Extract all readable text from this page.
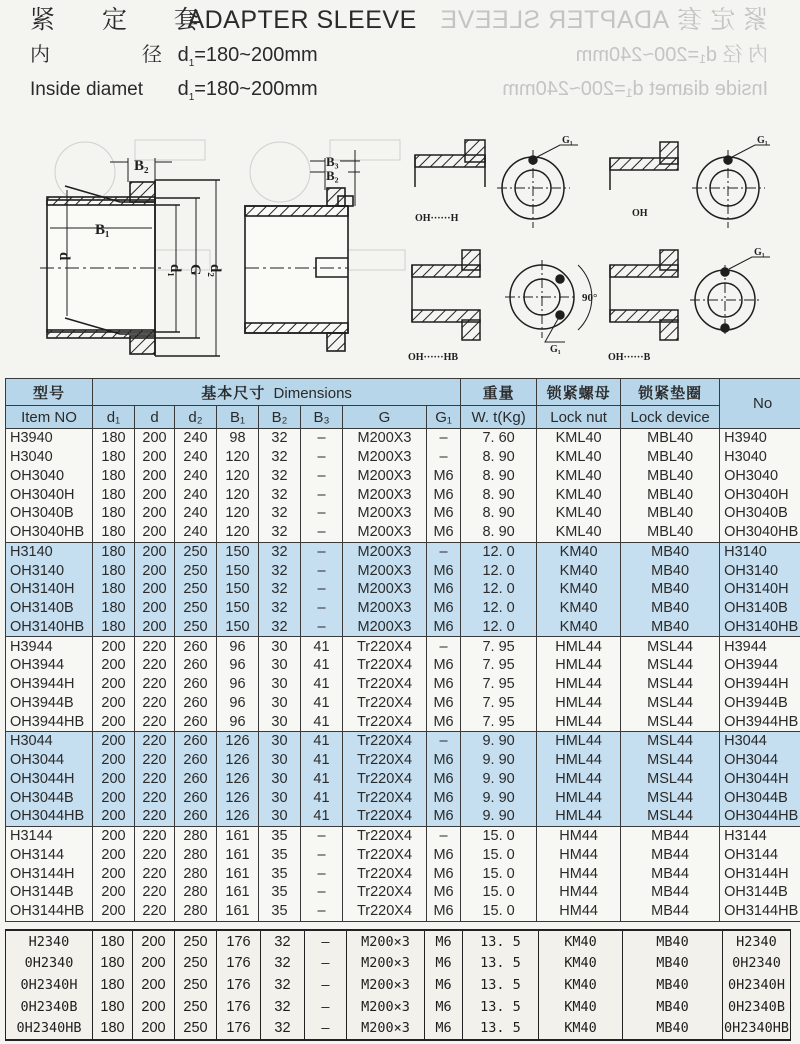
紧 定 套 ADAPTER SLEEVE
内	径 $d_1=180\sim 200mm$
Inside diamet $d_1=180\sim 200mm$
紧 定 套 ADAPTER SLEEVE
内 径 d₁=200~240mm
Inside diamet d₁=200~240mm
B₂
B₁
d
d₁ G d₂
B₃
B₂
G₁	G₁
G₁
G₁
90°
OH······H	OH
OH······HB	OH······B
型号	基本尺寸 Dimensions								重量	锁紧螺母	锁紧垫圈	No
Item NO	d₁	d	d₂	B₁	B₂	B₃	G	G₁	W. t(Kg)	Lock nut	Lock device	
H3940	180	200	240	98	32	–	M200X3	–	7. 60	KML40	MBL40	H3940
H3040	180	200	240	120	32	–	M200X3	–	8. 90	KML40	MBL40	H3040
OH3040	180	200	240	120	32	–	M200X3	M6	8. 90	KML40	MBL40	OH3040
OH3040H	180	200	240	120	32	–	M200X3	M6	8. 90	KML40	MBL40	OH3040H
OH3040B	180	200	240	120	32	–	M200X3	M6	8. 90	KML40	MBL40	OH3040B
OH3040HB	180	200	240	120	32	–	M200X3	M6	8. 90	KML40	MBL40	OH3040HB
H3140	180	200	250	150	32	–	M200X3	–	12. 0	KM40	MB40	H3140
OH3140	180	200	250	150	32	–	M200X3	M6	12. 0	KM40	MB40	OH3140
OH3140H	180	200	250	150	32	–	M200X3	M6	12. 0	KM40	MB40	OH3140H
OH3140B	180	200	250	150	32	–	M200X3	M6	12. 0	KM40	MB40	OH3140B
OH3140HB	180	200	250	150	32	–	M200X3	M6	12. 0	KM40	MB40	OH3140HB
H3944	200	220	260	96	30	41	Tr220X4	–	7. 95	HML44	MSL44	H3944
OH3944	200	220	260	96	30	41	Tr220X4	M6	7. 95	HML44	MSL44	OH3944
OH3944H	200	220	260	96	30	41	Tr220X4	M6	7. 95	HML44	MSL44	OH3944H
OH3944B	200	220	260	96	30	41	Tr220X4	M6	7. 95	HML44	MSL44	OH3944B
OH3944HB	200	220	260	96	30	41	Tr220X4	M6	7. 95	HML44	MSL44	OH3944HB
H3044	200	220	260	126	30	41	Tr220X4	–	9. 90	HML44	MSL44	H3044
OH3044	200	220	260	126	30	41	Tr220X4	M6	9. 90	HML44	MSL44	OH3044
OH3044H	200	220	260	126	30	41	Tr220X4	M6	9. 90	HML44	MSL44	OH3044H
OH3044B	200	220	260	126	30	41	Tr220X4	M6	9. 90	HML44	MSL44	OH3044B
OH3044HB	200	220	260	126	30	41	Tr220X4	M6	9. 90	HML44	MSL44	OH3044HB
H3144	200	220	280	161	35	–	Tr220X4	–	15. 0	HM44	MB44	H3144
OH3144	200	220	280	161	35	–	Tr220X4	M6	15. 0	HM44	MB44	OH3144
OH3144H	200	220	280	161	35	–	Tr220X4	M6	15. 0	HM44	MB44	OH3144H
OH3144B	200	220	280	161	35	–	Tr220X4	M6	15. 0	HM44	MB44	OH3144B
OH3144HB	200	220	280	161	35	–	Tr220X4	M6	15. 0	HM44	MB44	OH3144HB
H2340	180	200	250	176	32	–	M200×3	M6	13. 5	KM40	MB40	H2340
0H2340	180	200	250	176	32	–	M200×3	M6	13. 5	KM40	MB40	0H2340
0H2340H	180	200	250	176	32	–	M200×3	M6	13. 5	KM40	MB40	0H2340H
0H2340B	180	200	250	176	32	–	M200×3	M6	13. 5	KM40	MB40	0H2340B
0H2340HB	180	200	250	176	32	–	M200×3	M6	13. 5	KM40	MB40	0H2340HB
